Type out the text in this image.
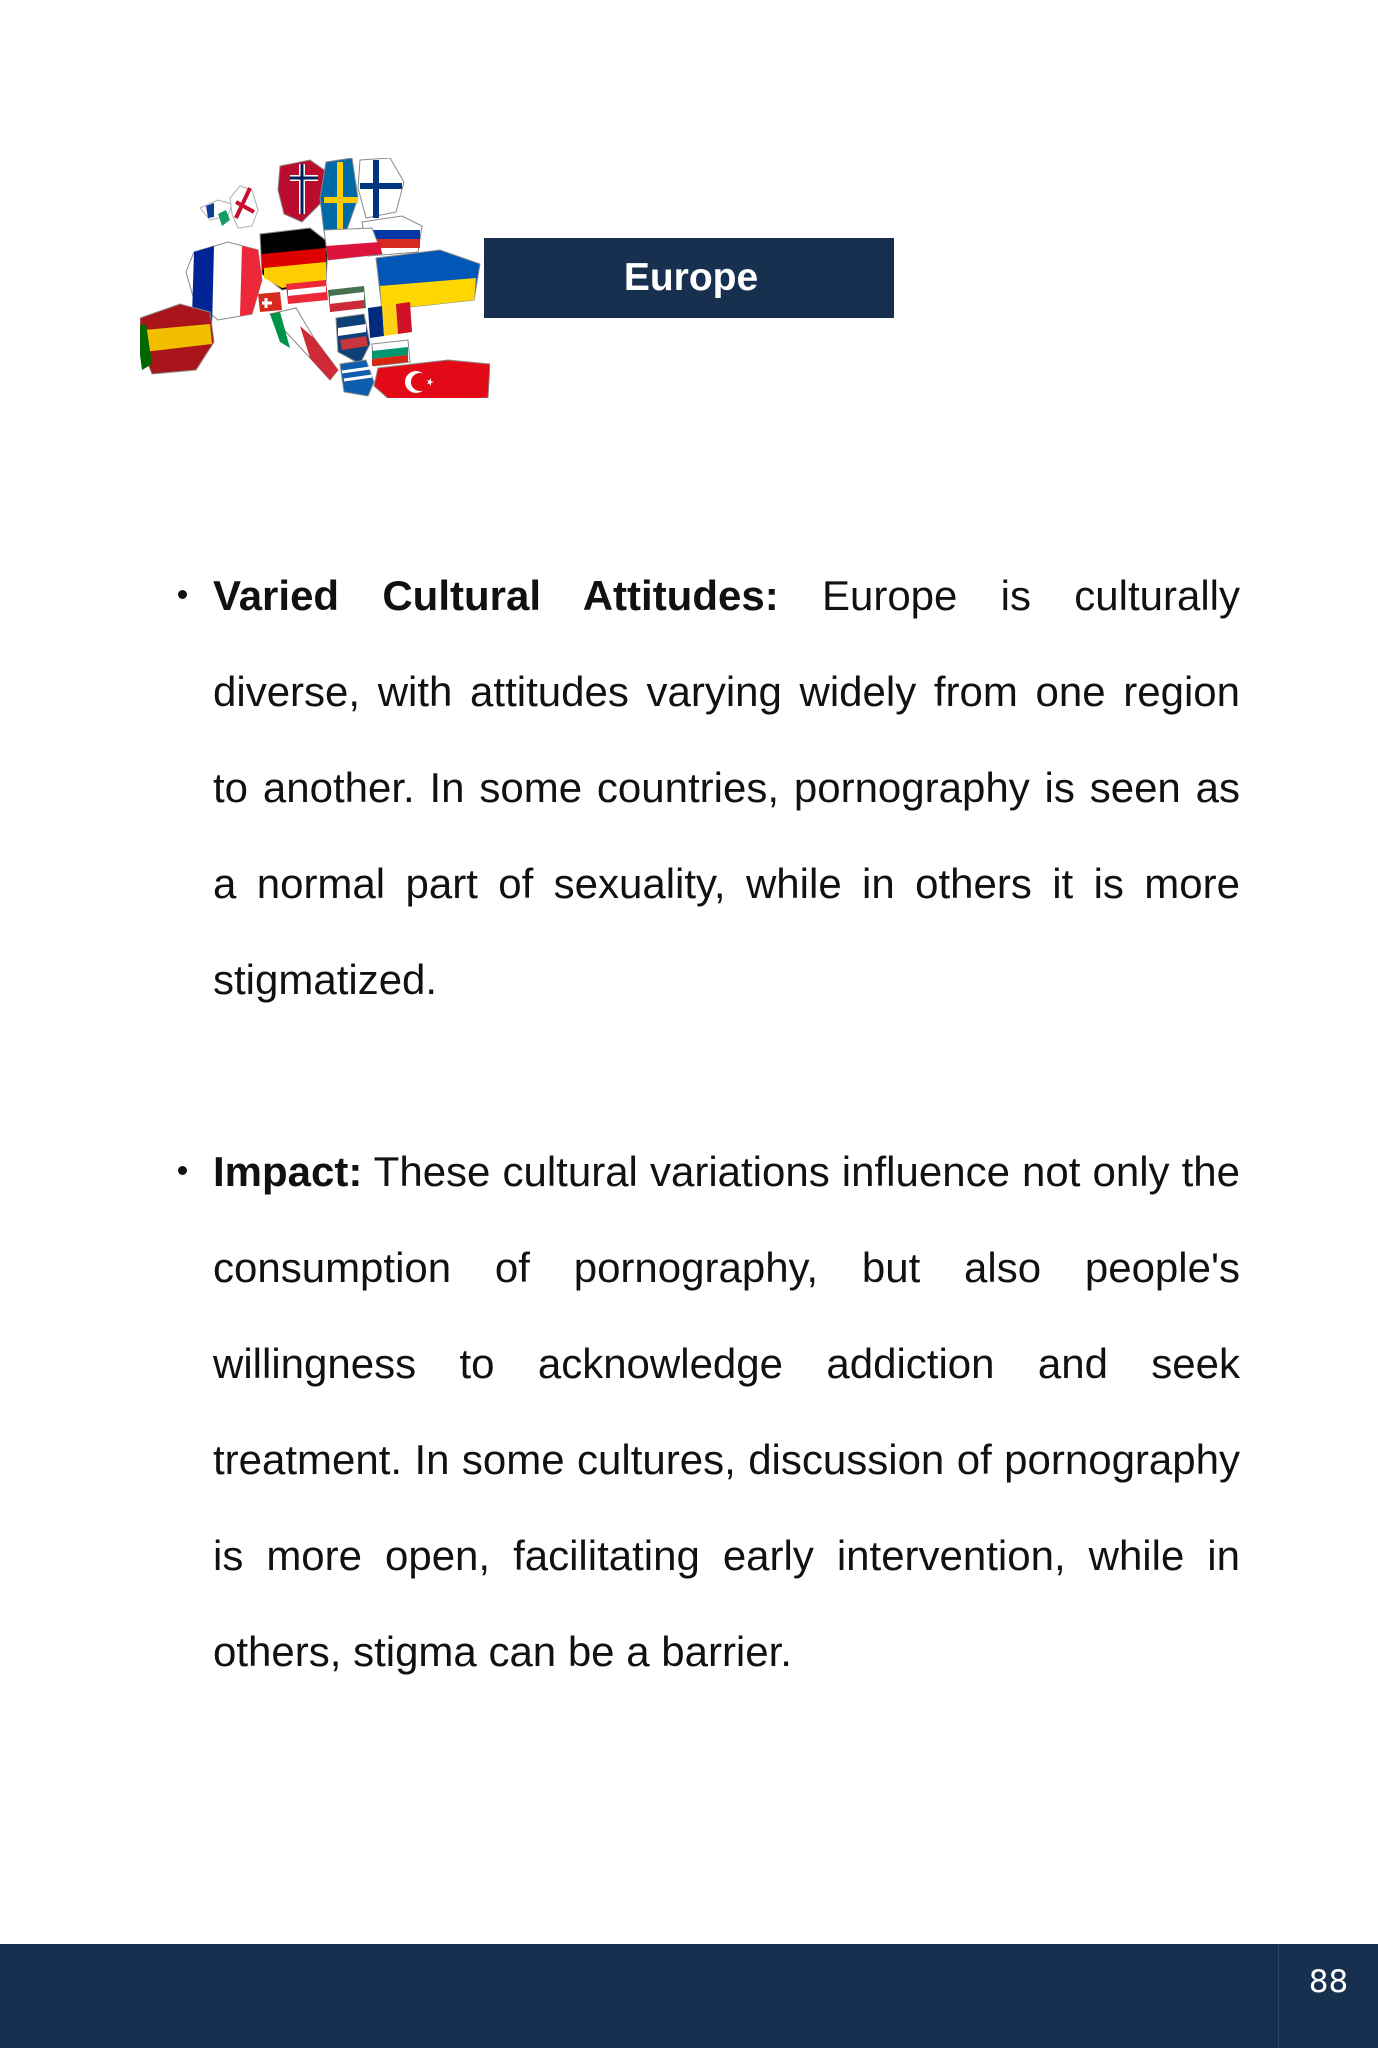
Europe
Varied Cultural Attitudes: Europe is culturally diverse, with attitudes varying widely from one region to another. In some countries, pornography is seen as a normal part of sexuality, while in others it is more stigmatized.
Impact: These cultural variations influence not only the consumption of pornography, but also people's willingness to acknowledge addiction and seek treatment. In some cultures, discussion of pornography is more open, facilitating early intervention, while in others, stigma can be a barrier.
88
